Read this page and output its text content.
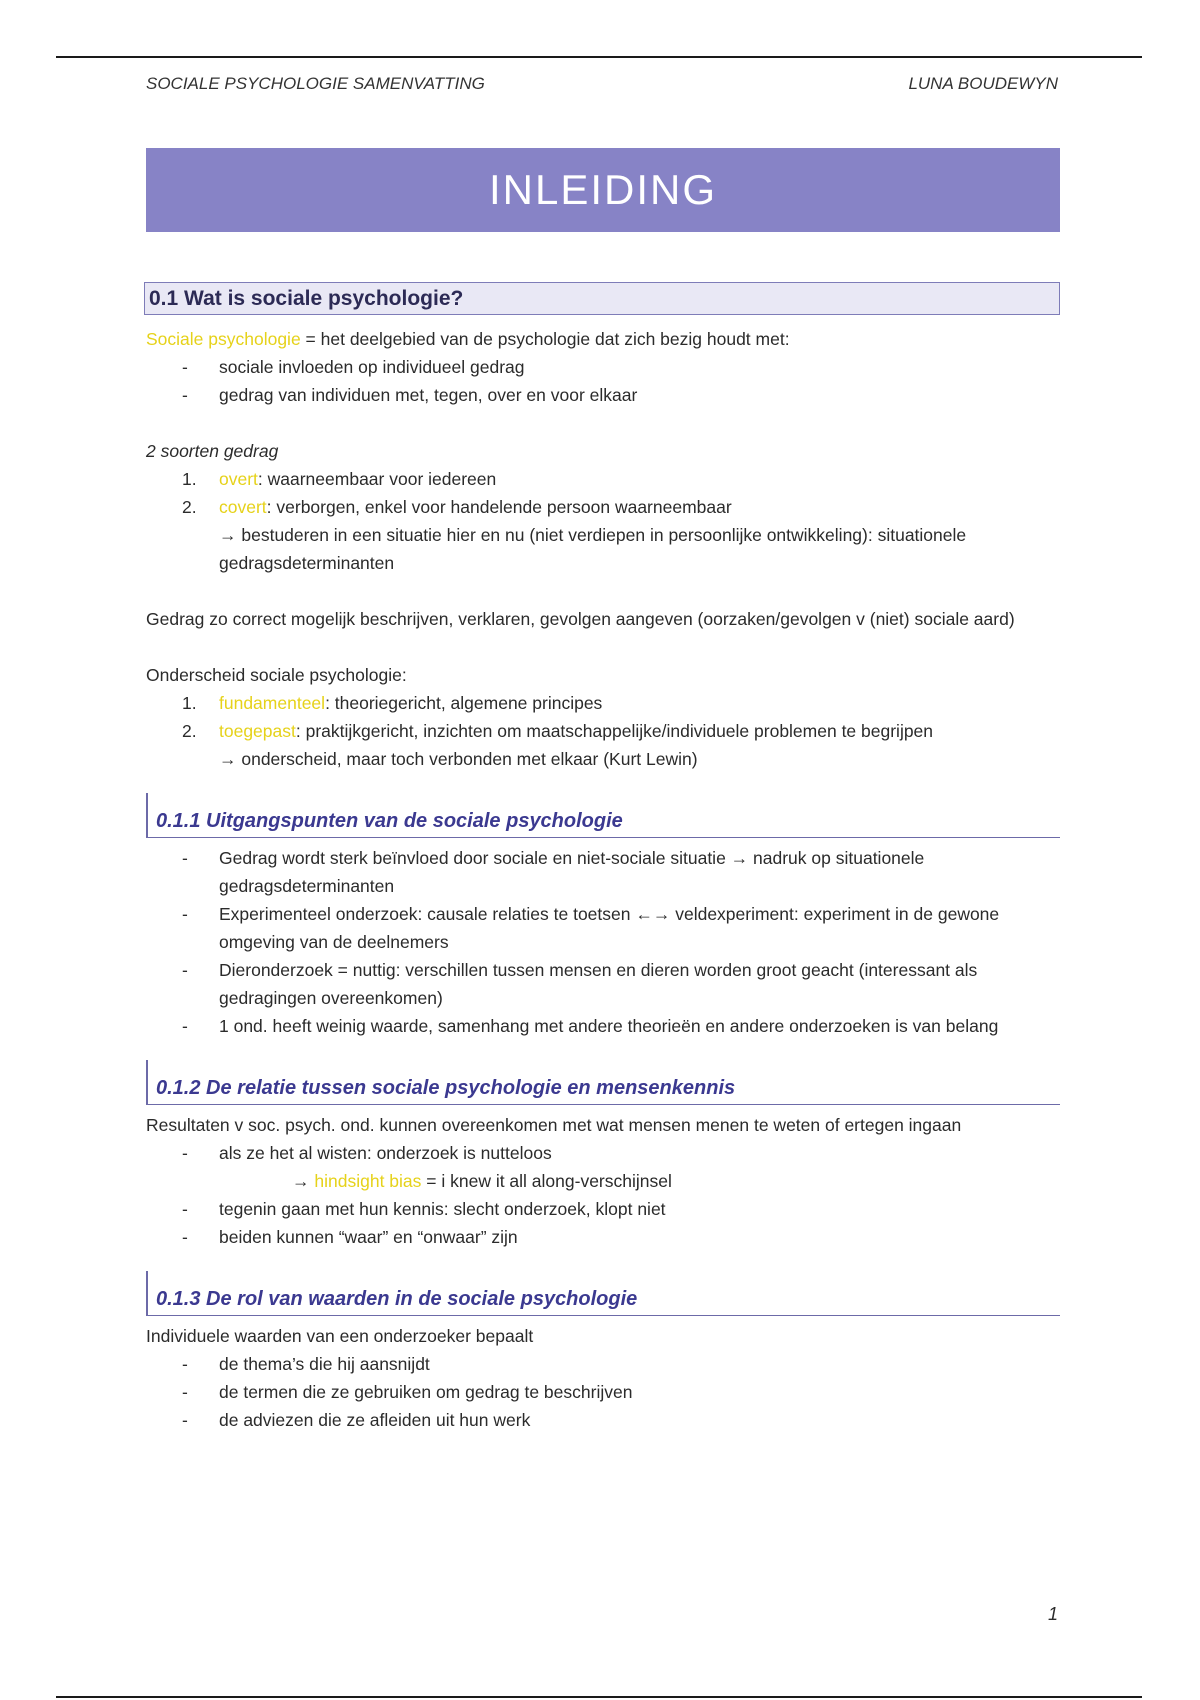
SOCIALE PSYCHOLOGIE SAMENVATTING	LUNA BOUDEWYN
INLEIDING
0.1 Wat is sociale psychologie?

Sociale psychologie = het deelgebied van de psychologie dat zich bezig houdt met:

- sociale invloeden op individueel gedrag
- gedrag van individuen met, tegen, over en voor elkaar

2 soorten gedrag

1. overt: waarneembaar voor iedereen
2. covert: verborgen, enkel voor handelende persoon waarneembaar

→ bestuderen in een situatie hier en nu (niet verdiepen in persoonlijke ontwikkeling): situationele gedragsdeterminanten

Gedrag zo correct mogelijk beschrijven, verklaren, gevolgen aangeven (oorzaken/gevolgen v (niet) sociale aard)

Onderscheid sociale psychologie:

1. fundamenteel: theoriegericht, algemene principes
2. toegepast: praktijkgericht, inzichten om maatschappelijke/individuele problemen te begrijpen

→ onderscheid, maar toch verbonden met elkaar (Kurt Lewin)

0.1.1 Uitgangspunten van de sociale psychologie
- Gedrag wordt sterk beïnvloed door sociale en niet-sociale situatie → nadruk op situationele gedragsdeterminanten
- Experimenteel onderzoek: causale relaties te toetsen ←→ veldexperiment: experiment in de gewone omgeving van de deelnemers
- Dieronderzoek = nuttig: verschillen tussen mensen en dieren worden groot geacht (interessant als gedragingen overeenkomen)
- 1 ond. heeft weinig waarde, samenhang met andere theorieën en andere onderzoeken is van belang
0.1.2 De relatie tussen sociale psychologie en mensenkennis

Resultaten v soc. psych. ond. kunnen overeenkomen met wat mensen menen te weten of ertegen ingaan

- als ze het al wisten: onderzoek is nutteloos

→ hindsight bias = i knew it all along-verschijnsel

- tegenin gaan met hun kennis: slecht onderzoek, klopt niet
- beiden kunnen “waar” en “onwaar” zijn
0.1.3 De rol van waarden in de sociale psychologie

Individuele waarden van een onderzoeker bepaalt

- de thema’s die hij aansnijdt
- de termen die ze gebruiken om gedrag te beschrijven
- de adviezen die ze afleiden uit hun werk
1
